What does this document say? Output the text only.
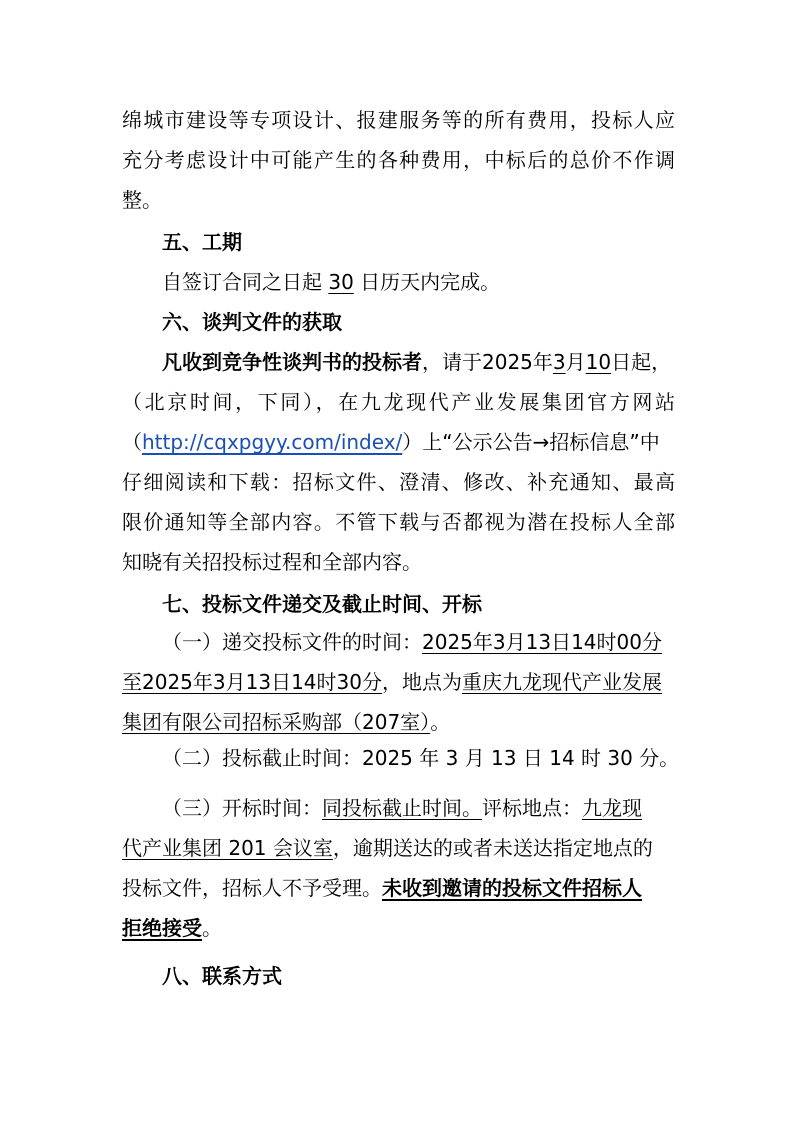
绵城市建设等专项设计、报建服务等的所有费用，投标人应
充分考虑设计中可能产生的各种费用，中标后的总价不作调
整。
五、工期
自签订合同之日起 30 日历天内完成。
六、谈判文件的获取
凡收到竞争性谈判书的投标者，请于2025年3月10日起，
（北京时间，下同），在九龙现代产业发展集团官方网站
（http://cqxpgyy.com/index/）上“公示公告→招标信息”中
仔细阅读和下载：招标文件、澄清、修改、补充通知、最高
限价通知等全部内容。不管下载与否都视为潜在投标人全部
知晓有关招投标过程和全部内容。
七、投标文件递交及截止时间、开标
（一）递交投标文件的时间：2025年3月13日14时00分
至2025年3月13日14时30分，地点为重庆九龙现代产业发展
集团有限公司招标采购部（207室）。
（二）投标截止时间：2025 年 3 月 13 日 14 时 30 分。
（三）开标时间：同投标截止时间。评标地点：九龙现
代产业集团 201 会议室，逾期送达的或者未送达指定地点的
投标文件，招标人不予受理。未收到邀请的投标文件招标人
拒绝接受。
八、联系方式
